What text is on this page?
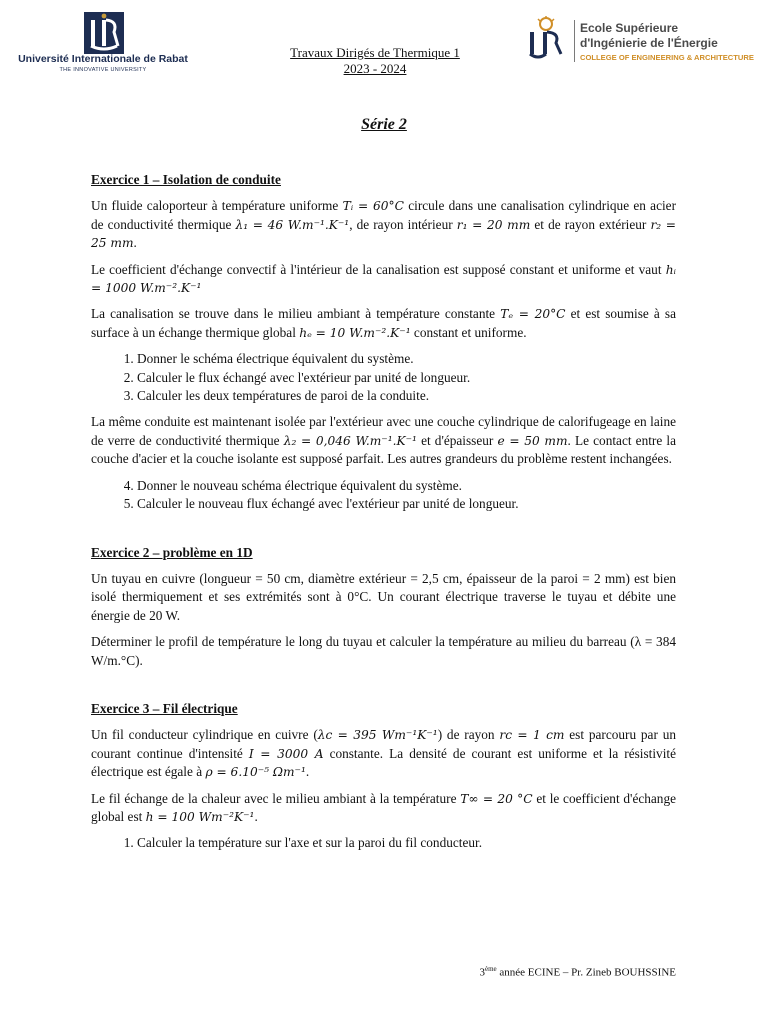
Université Internationale de Rabat
THE INNOVATIVE UNIVERSITY
Travaux Dirigés de Thermique 1
2023 - 2024
Ecole Supérieure
d'Ingénierie de l'Énergie
COLLEGE OF ENGINEERING & ARCHITECTURE
Série 2
Exercice 1 – Isolation de conduite

Un fluide caloporteur à température uniforme Tᵢ = 60°C circule dans une canalisation cylindrique en acier de conductivité thermique λ₁ = 46 W.m⁻¹.K⁻¹, de rayon intérieur r₁ = 20 mm et de rayon extérieur r₂ = 25 mm.

Le coefficient d'échange convectif à l'intérieur de la canalisation est supposé constant et uniforme et vaut hᵢ = 1000 W.m⁻².K⁻¹

La canalisation se trouve dans le milieu ambiant à température constante Tₑ = 20°C et est soumise à sa surface à un échange thermique global hₑ = 10 W.m⁻².K⁻¹ constant et uniforme.

1. Donner le schéma électrique équivalent du système.
2. Calculer le flux échangé avec l'extérieur par unité de longueur.
3. Calculer les deux températures de paroi de la conduite.

La même conduite est maintenant isolée par l'extérieur avec une couche cylindrique de calorifugeage en laine de verre de conductivité thermique λ₂ = 0,046 W.m⁻¹.K⁻¹ et d'épaisseur e = 50 mm. Le contact entre la couche d'acier et la couche isolante est supposé parfait. Les autres grandeurs du problème restent inchangées.

4. Donner le nouveau schéma électrique équivalent du système.
5. Calculer le nouveau flux échangé avec l'extérieur par unité de longueur.
Exercice 2 – problème en 1D

Un tuyau en cuivre (longueur = 50 cm, diamètre extérieur = 2,5 cm, épaisseur de la paroi = 2 mm) est bien isolé thermiquement et ses extrémités sont à 0°C. Un courant électrique traverse le tuyau et débite une énergie de 20 W.

Déterminer le profil de température le long du tuyau et calculer la température au milieu du barreau (λ = 384 W/m.°C).

Exercice 3 – Fil électrique

Un fil conducteur cylindrique en cuivre (λc = 395 Wm⁻¹K⁻¹) de rayon rc = 1 cm est parcouru par un courant continue d'intensité I = 3000 A constante. La densité de courant est uniforme et la résistivité électrique est égale à ρ = 6.10⁻⁵ Ωm⁻¹.

Le fil échange de la chaleur avec le milieu ambiant à la température T∞ = 20 °C et le coefficient d'échange global est h = 100 Wm⁻²K⁻¹.

1. Calculer la température sur l'axe et sur la paroi du fil conducteur.
3ème année ECINE – Pr. Zineb BOUHSSINE
